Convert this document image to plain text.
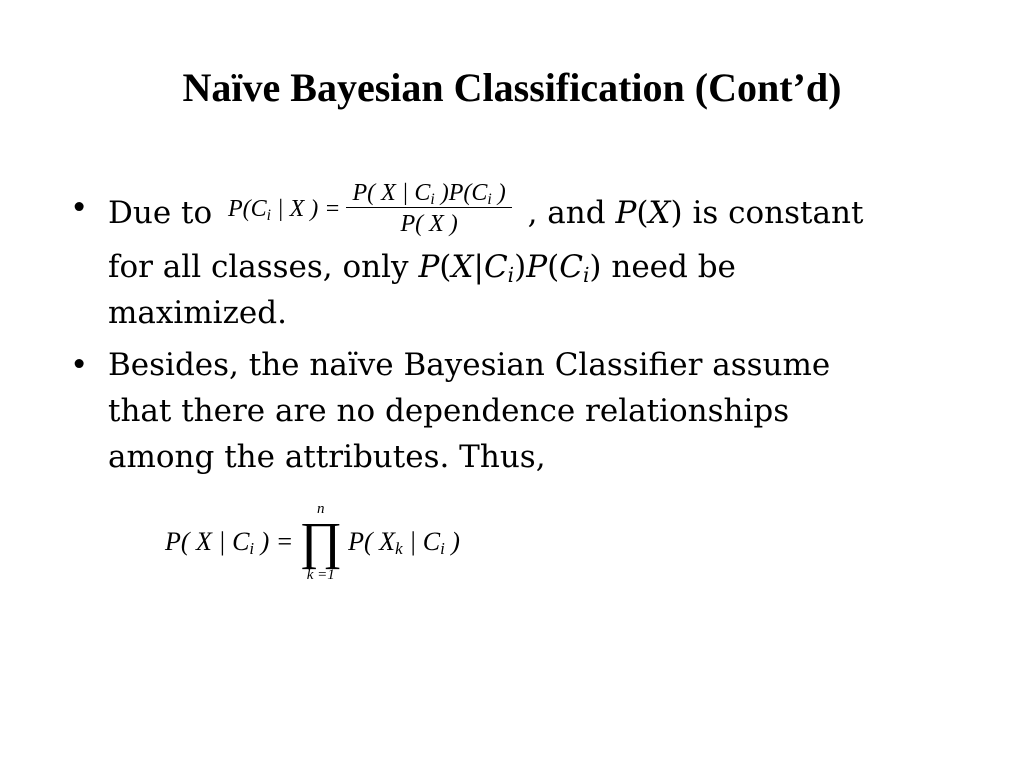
Naïve Bayesian Classification (Cont’d)
• Due to $P(C_i$ | X ) = $\frac{P( X | C_i )P(C_i )}{P( X )}$ , and P(X) is constant
for all classes, only $P(X|C_i)P(C_i)$ need be
maximized.
• Besides, the naïve Bayesian Classifier assume
that there are no dependence relationships
among the attributes. Thus,
P( X | $C_i$ ) =
n
∏
k =1
P( $X_k$ | $C_i$ )
